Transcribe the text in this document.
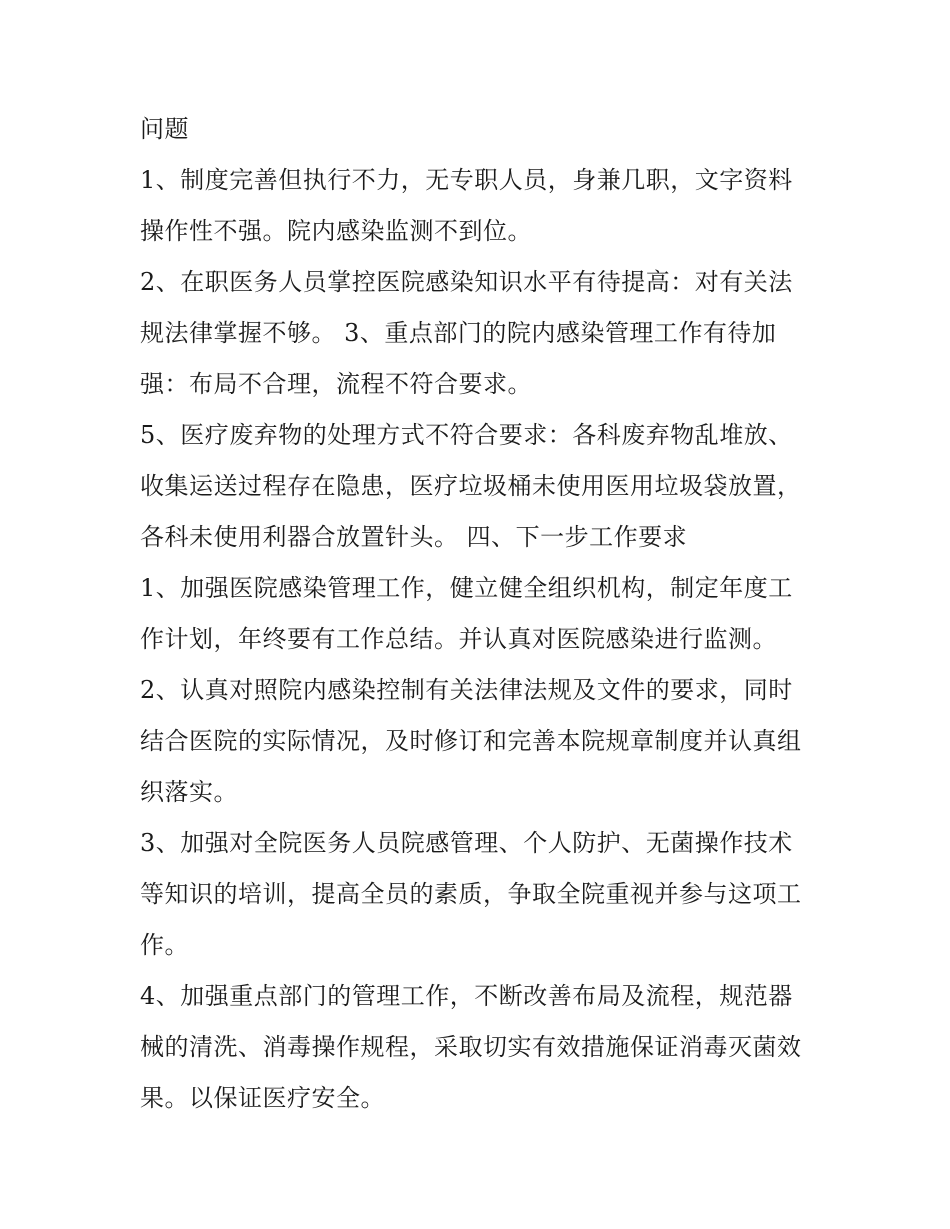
问题
1、制度完善但执行不力，无专职人员，身兼几职，文字资料
操作性不强。院内感染监测不到位。
2、在职医务人员掌控医院感染知识水平有待提高：对有关法
规法律掌握不够。 3、重点部门的院内感染管理工作有待加
强：布局不合理，流程不符合要求。
5、医疗废弃物的处理方式不符合要求：各科废弃物乱堆放、
收集运送过程存在隐患，医疗垃圾桶未使用医用垃圾袋放置，
各科未使用利器合放置针头。 四、下一步工作要求
1、加强医院感染管理工作，健立健全组织机构，制定年度工
作计划，年终要有工作总结。并认真对医院感染进行监测。
2、认真对照院内感染控制有关法律法规及文件的要求，同时
结合医院的实际情况，及时修订和完善本院规章制度并认真组
织落实。
3、加强对全院医务人员院感管理、个人防护、无菌操作技术
等知识的培训，提高全员的素质，争取全院重视并参与这项工
作。
4、加强重点部门的管理工作，不断改善布局及流程，规范器
械的清洗、消毒操作规程，采取切实有效措施保证消毒灭菌效
果。以保证医疗安全。
